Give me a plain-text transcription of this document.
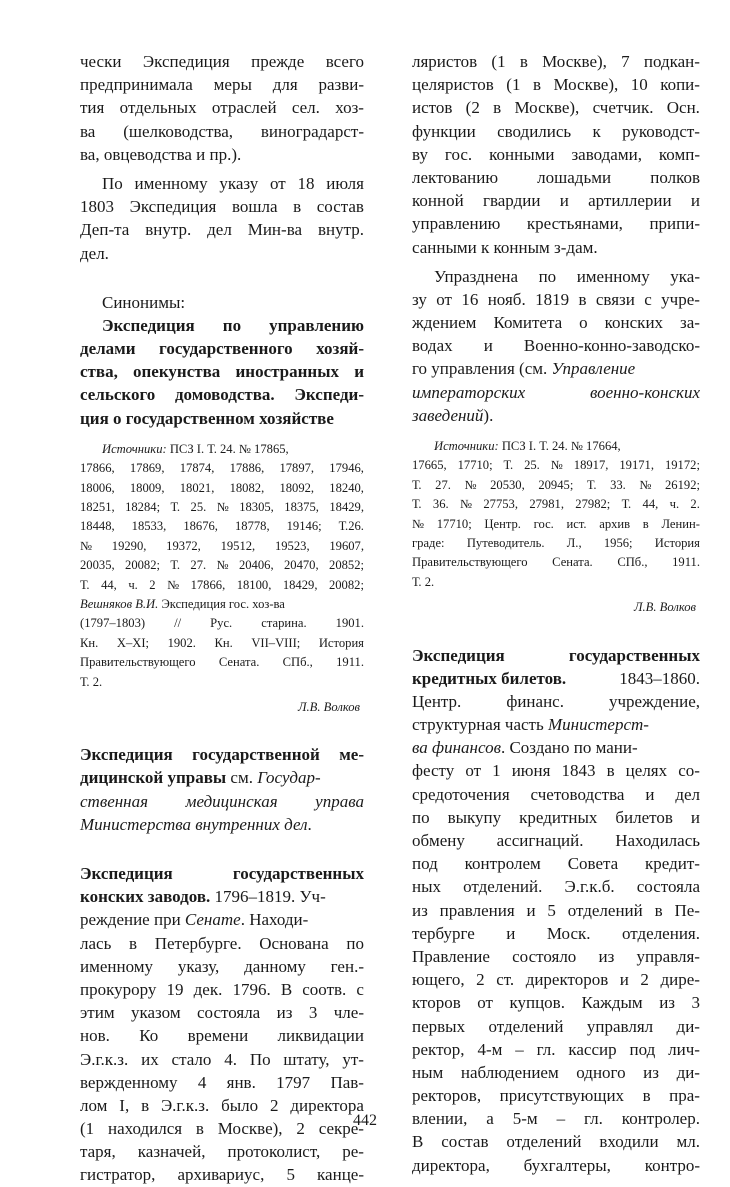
чески Экспедиция прежде всего
предпринимала меры для разви-
тия отдельных отраслей сел. хоз-
ва (шелководства, виноградарст-
ва, овцеводства и пр.).
По именному указу от 18 июля
1803 Экспедиция вошла в состав
Деп-та внутр. дел Мин-ва внутр.
дел.
Синонимы:
Экспедиция по управлению
делами государственного хозяй-
ства, опекунства иностранных и
сельского домоводства. Экспеди-
ция о государственном хозяйстве
Источники: ПСЗ I. Т. 24. № 17865,
17866, 17869, 17874, 17886, 17897, 17946,
18006, 18009, 18021, 18082, 18092, 18240,
18251, 18284; Т. 25. № 18305, 18375, 18429,
18448, 18533, 18676, 18778, 19146; Т.26.
№ 19290, 19372, 19512, 19523, 19607,
20035, 20082; Т. 27. № 20406, 20470, 20852;
Т. 44, ч. 2 № 17866, 18100, 18429, 20082;
Вешняков В.И. Экспедиция гос. хоз-ва
(1797–1803) // Рус. старина. 1901.
Кн. X–XI; 1902. Кн. VII–VIII; История
Правительствующего Сената. СПб., 1911.
Т. 2.
Л.В. Волков
Экспедиция государственной ме-
дицинской управы см. Государ-
ственная медицинская управа
Министерства внутренних дел .
Экспедиция	государственных
конских заводов. 1796–1819. Уч-
реждение при Сенате . Находи-
лась в Петербурге. Основана по
именному указу, данному ген.-
прокурору 19 дек. 1796. В соотв. с
этим указом состояла из 3 чле-
нов. Ко времени ликвидации
Э.г.к.з. их стало 4. По штату, ут-
вержденному 4 янв. 1797 Пав-
лом I, в Э.г.к.з. было 2 директора
(1 находился в Москве), 2 секре-
таря, казначей, протоколист, ре-
гистратор, архивариус, 5 канце-
ляристов (1 в Москве), 7 подкан-
целяристов (1 в Москве), 10 копи-
истов (2 в Москве), счетчик. Осн.
функции сводились к руководст-
ву гос. конными заводами, комп-
лектованию лошадьми полков
конной гвардии и артиллерии и
управлению крестьянами, припи-
санными к конным з-дам.
Упразднена по именному ука-
зу от 16 нояб. 1819 в связи с учре-
ждением Комитета о конских за-
водах и Военно-конно-заводско-
го управления (см. Управление
императорских	военно-конских
заведений ).
Источники: ПСЗ I. Т. 24. № 17664,
17665, 17710; Т. 25. № 18917, 19171, 19172;
Т. 27. № 20530, 20945; Т. 33. № 26192;
Т. 36. № 27753, 27981, 27982; Т. 44, ч. 2.
№ 17710; Центр. гос. ист. архив в Ленин-
граде: Путеводитель. Л., 1956; История
Правительствующего Сената. СПб., 1911.
Т. 2.
Л.В. Волков
Экспедиция	государственных
кредитных билетов.	1843–1860.
Центр.	финанс.	учреждение,
структурная часть Министерст-
ва финансов . Создано по мани-
фесту от 1 июня 1843 в целях со-
средоточения счетоводства и дел
по выкупу кредитных билетов и
обмену ассигнаций. Находилась
под контролем Совета кредит-
ных отделений. Э.г.к.б. состояла
из правления и 5 отделений в Пе-
тербурге и Моск. отделения.
Правление состояло из управля-
ющего, 2 ст. директоров и 2 дире-
кторов от купцов. Каждым из 3
первых отделений управлял ди-
ректор, 4-м – гл. кассир под лич-
ным наблюдением одного из ди-
ректоров, присутствующих в пра-
влении, а 5-м – гл. контролер.
В состав отделений входили мл.
директора, бухгалтеры, контро-
442
